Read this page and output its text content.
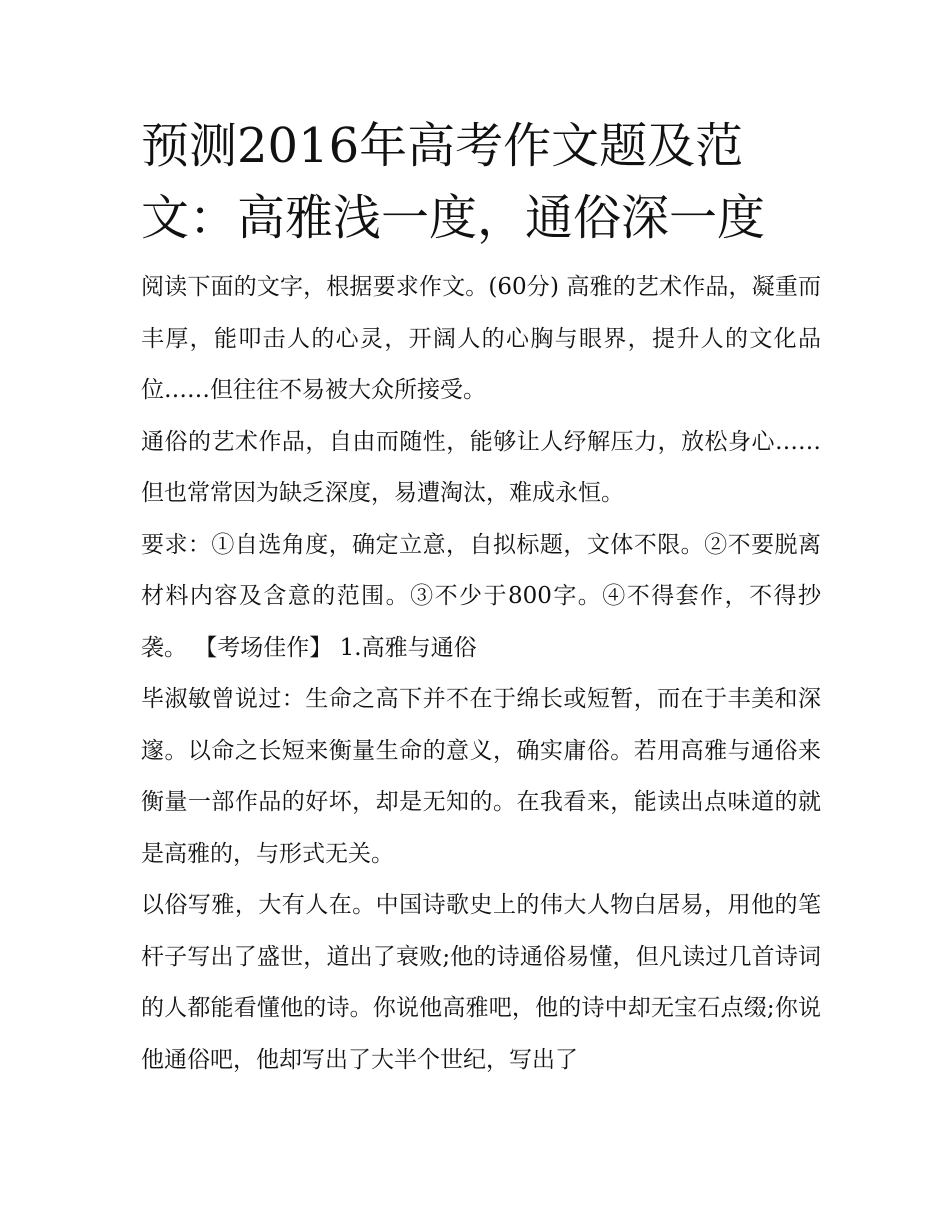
预测2016年高考作文题及范
文：高雅浅一度，通俗深一度

阅读下面的文字，根据要求作文。(60分) 高雅的艺术作品，凝重而丰厚，能叩击人的心灵，开阔人的心胸与眼界，提升人的文化品位……但往往不易被大众所接受。

通俗的艺术作品，自由而随性，能够让人纾解压力，放松身心……但也常常因为缺乏深度，易遭淘汰，难成永恒。

要求：①自选角度，确定立意，自拟标题，文体不限。②不要脱离材料内容及含意的范围。③不少于800字。④不得套作，不得抄袭。 【考场佳作】 1.高雅与通俗

毕淑敏曾说过：生命之高下并不在于绵长或短暂，而在于丰美和深邃。以命之长短来衡量生命的意义，确实庸俗。若用高雅与通俗来衡量一部作品的好坏，却是无知的。在我看来，能读出点味道的就是高雅的，与形式无关。

以俗写雅，大有人在。中国诗歌史上的伟大人物白居易，用他的笔杆子写出了盛世，道出了衰败;他的诗通俗易懂，但凡读过几首诗词的人都能看懂他的诗。你说他高雅吧，他的诗中却无宝石点缀;你说他通俗吧，他却写出了大半个世纪，写出了
